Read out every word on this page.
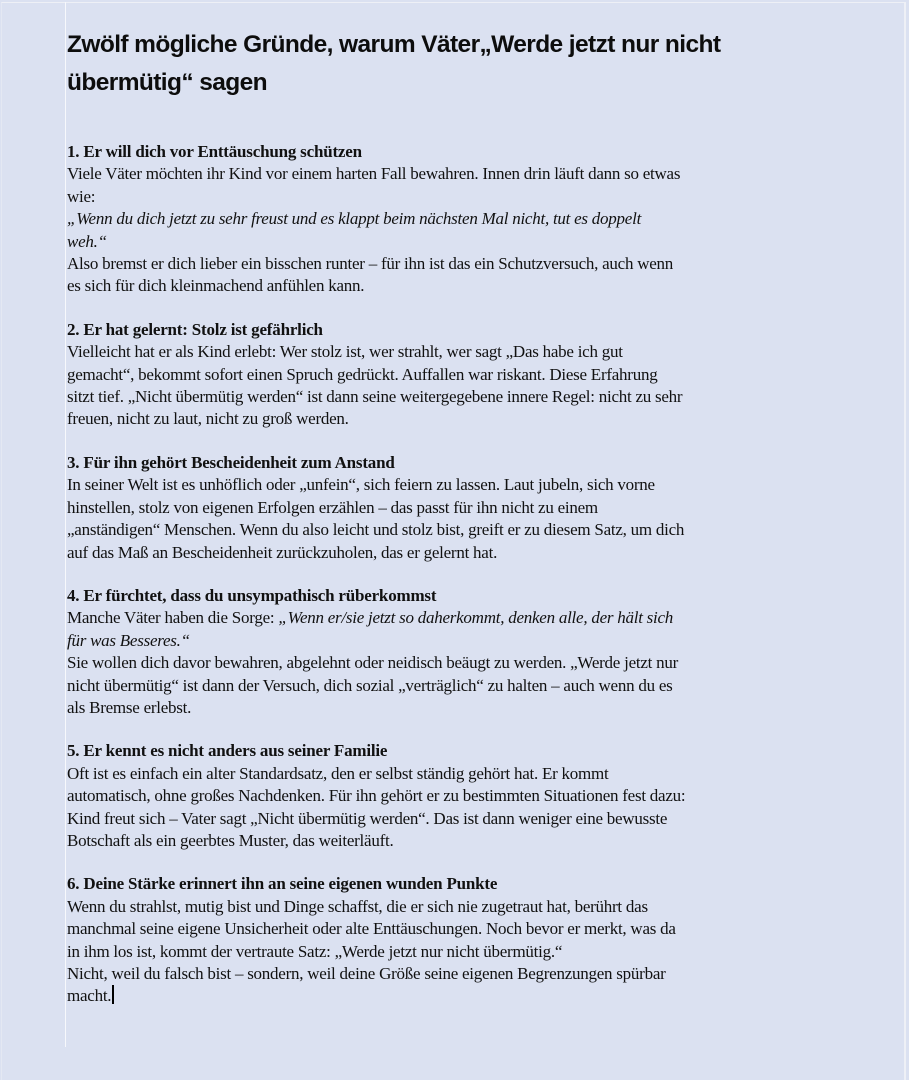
Zwölf mögliche Gründe, warum Väter„Werde jetzt nur nicht
übermütig“ sagen

1. Er will dich vor Enttäuschung schützen

Viele Väter möchten ihr Kind vor einem harten Fall bewahren. Innen drin läuft dann so etwas
wie:
„Wenn du dich jetzt zu sehr freust und es klappt beim nächsten Mal nicht, tut es doppelt
weh.“
Also bremst er dich lieber ein bisschen runter – für ihn ist das ein Schutzversuch, auch wenn
es sich für dich kleinmachend anfühlen kann.

2. Er hat gelernt: Stolz ist gefährlich

Vielleicht hat er als Kind erlebt: Wer stolz ist, wer strahlt, wer sagt „Das habe ich gut
gemacht“, bekommt sofort einen Spruch gedrückt. Auffallen war riskant. Diese Erfahrung
sitzt tief. „Nicht übermütig werden“ ist dann seine weitergegebene innere Regel: nicht zu sehr
freuen, nicht zu laut, nicht zu groß werden.

3. Für ihn gehört Bescheidenheit zum Anstand

In seiner Welt ist es unhöflich oder „unfein“, sich feiern zu lassen. Laut jubeln, sich vorne
hinstellen, stolz von eigenen Erfolgen erzählen – das passt für ihn nicht zu einem
„anständigen“ Menschen. Wenn du also leicht und stolz bist, greift er zu diesem Satz, um dich
auf das Maß an Bescheidenheit zurückzuholen, das er gelernt hat.

4. Er fürchtet, dass du unsympathisch rüberkommst

Manche Väter haben die Sorge: „Wenn er/sie jetzt so daherkommt, denken alle, der hält sich
für was Besseres.“
Sie wollen dich davor bewahren, abgelehnt oder neidisch beäugt zu werden. „Werde jetzt nur
nicht übermütig“ ist dann der Versuch, dich sozial „verträglich“ zu halten – auch wenn du es
als Bremse erlebst.

5. Er kennt es nicht anders aus seiner Familie

Oft ist es einfach ein alter Standardsatz, den er selbst ständig gehört hat. Er kommt
automatisch, ohne großes Nachdenken. Für ihn gehört er zu bestimmten Situationen fest dazu:
Kind freut sich – Vater sagt „Nicht übermütig werden“. Das ist dann weniger eine bewusste
Botschaft als ein geerbtes Muster, das weiterläuft.

6. Deine Stärke erinnert ihn an seine eigenen wunden Punkte

Wenn du strahlst, mutig bist und Dinge schaffst, die er sich nie zugetraut hat, berührt das
manchmal seine eigene Unsicherheit oder alte Enttäuschungen. Noch bevor er merkt, was da
in ihm los ist, kommt der vertraute Satz: „Werde jetzt nur nicht übermütig.“
Nicht, weil du falsch bist – sondern, weil deine Größe seine eigenen Begrenzungen spürbar
macht.
